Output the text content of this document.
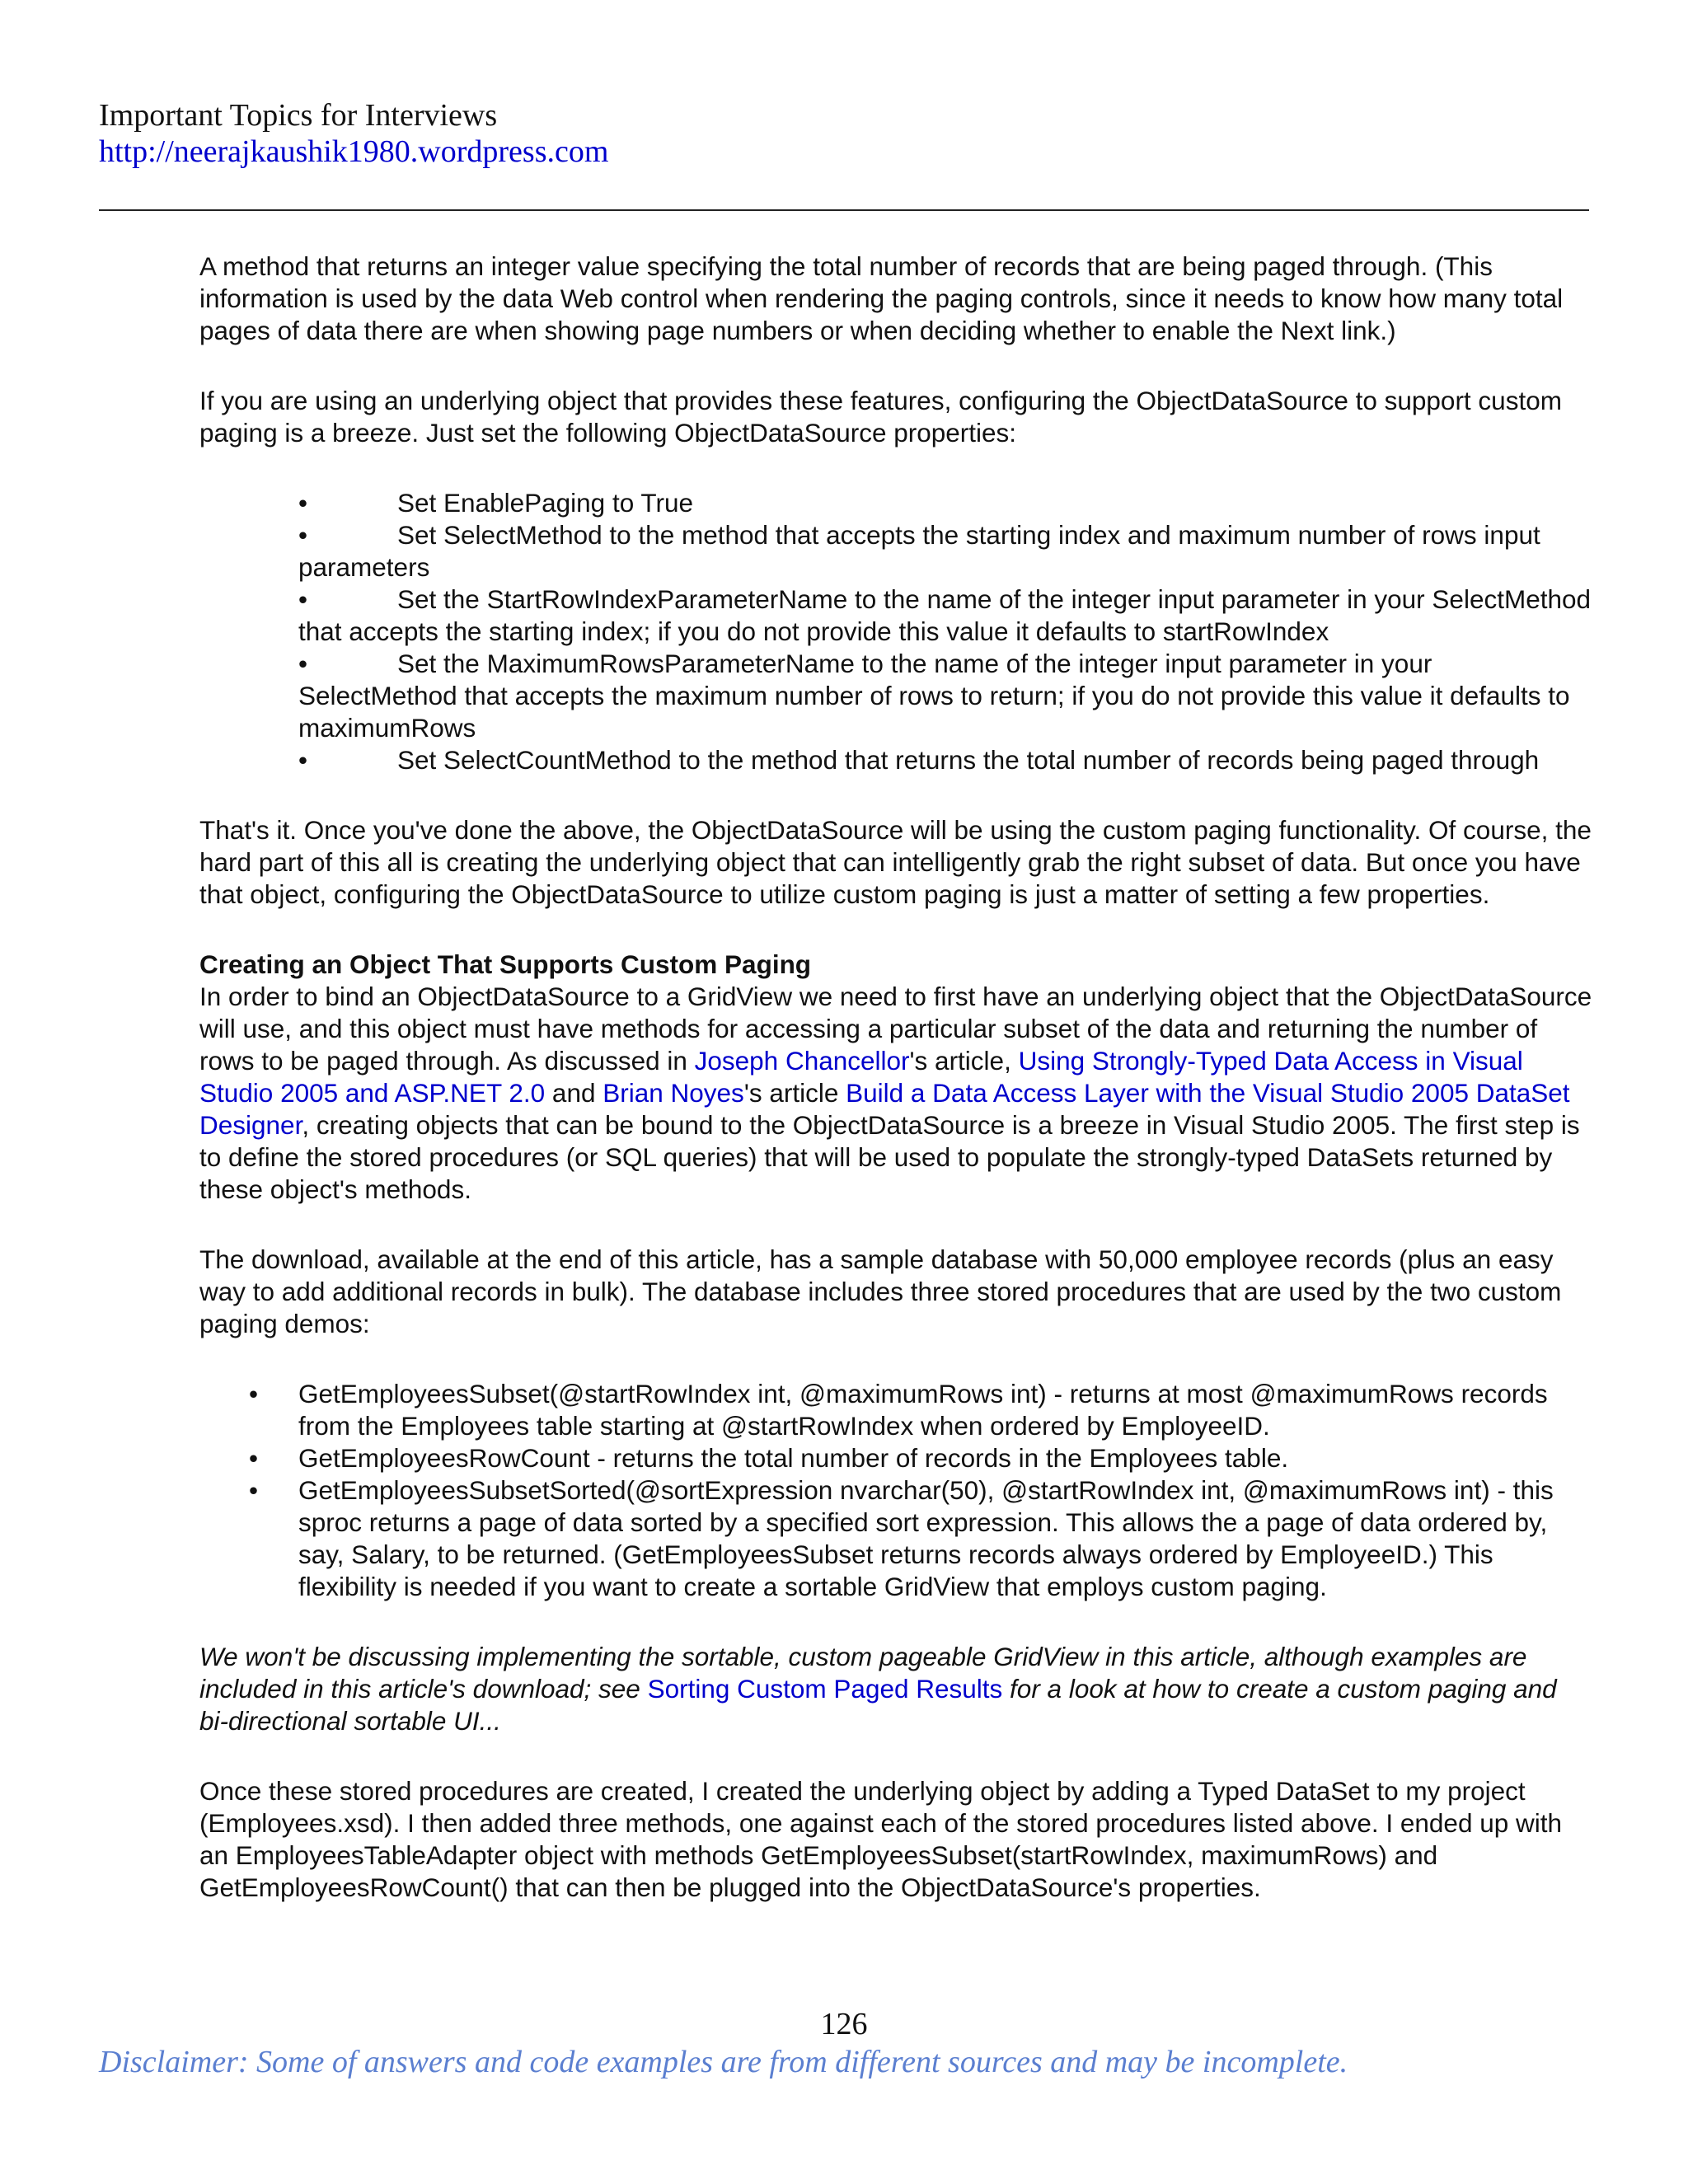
Important Topics for Interviews
http://neerajkaushik1980.wordpress.com

A method that returns an integer value specifying the total number of records that are being paged through. (This information is used by the data Web control when rendering the paging controls, since it needs to know how many total pages of data there are when showing page numbers or when deciding whether to enable the Next link.)

If you are using an underlying object that provides these features, configuring the ObjectDataSource to support custom paging is a breeze. Just set the following ObjectDataSource properties:

•	Set EnablePaging to True

•	Set SelectMethod to the method that accepts the starting index and maximum number of rows input parameters

•	Set the StartRowIndexParameterName to the name of the integer input parameter in your SelectMethod that accepts the starting index; if you do not provide this value it defaults to startRowIndex

•	Set the MaximumRowsParameterName to the name of the integer input parameter in your SelectMethod that accepts the maximum number of rows to return; if you do not provide this value it defaults to maximumRows

•	Set SelectCountMethod to the method that returns the total number of records being paged through

That's it. Once you've done the above, the ObjectDataSource will be using the custom paging functionality. Of course, the hard part of this all is creating the underlying object that can intelligently grab the right subset of data. But once you have that object, configuring the ObjectDataSource to utilize custom paging is just a matter of setting a few properties.

Creating an Object That Supports Custom Paging

In order to bind an ObjectDataSource to a GridView we need to first have an underlying object that the ObjectDataSource will use, and this object must have methods for accessing a particular subset of the data and returning the number of rows to be paged through. As discussed in Joseph Chancellor's article, Using Strongly-Typed Data Access in Visual Studio 2005 and ASP.NET 2.0 and Brian Noyes's article Build a Data Access Layer with the Visual Studio 2005 DataSet Designer, creating objects that can be bound to the ObjectDataSource is a breeze in Visual Studio 2005. The first step is to define the stored procedures (or SQL queries) that will be used to populate the strongly-typed DataSets returned by these object's methods.

The download, available at the end of this article, has a sample database with 50,000 employee records (plus an easy way to add additional records in bulk). The database includes three stored procedures that are used by the two custom paging demos:

• GetEmployeesSubset(@startRowIndex int, @maximumRows int) - returns at most @maximumRows records from the Employees table starting at @startRowIndex when ordered by EmployeeID.
• GetEmployeesRowCount - returns the total number of records in the Employees table.
• GetEmployeesSubsetSorted(@sortExpression nvarchar(50), @startRowIndex int, @maximumRows int) - this sproc returns a page of data sorted by a specified sort expression. This allows the a page of data ordered by, say, Salary, to be returned. (GetEmployeesSubset returns records always ordered by EmployeeID.) This flexibility is needed if you want to create a sortable GridView that employs custom paging.

We won't be discussing implementing the sortable, custom pageable GridView in this article, although examples are included in this article's download; see Sorting Custom Paged Results for a look at how to create a custom paging and bi-directional sortable UI...

Once these stored procedures are created, I created the underlying object by adding a Typed DataSet to my project (Employees.xsd). I then added three methods, one against each of the stored procedures listed above. I ended up with an EmployeesTableAdapter object with methods GetEmployeesSubset(startRowIndex, maximumRows) and GetEmployeesRowCount() that can then be plugged into the ObjectDataSource's properties.

126
Disclaimer: Some of answers and code examples are from different sources and may be incomplete.
